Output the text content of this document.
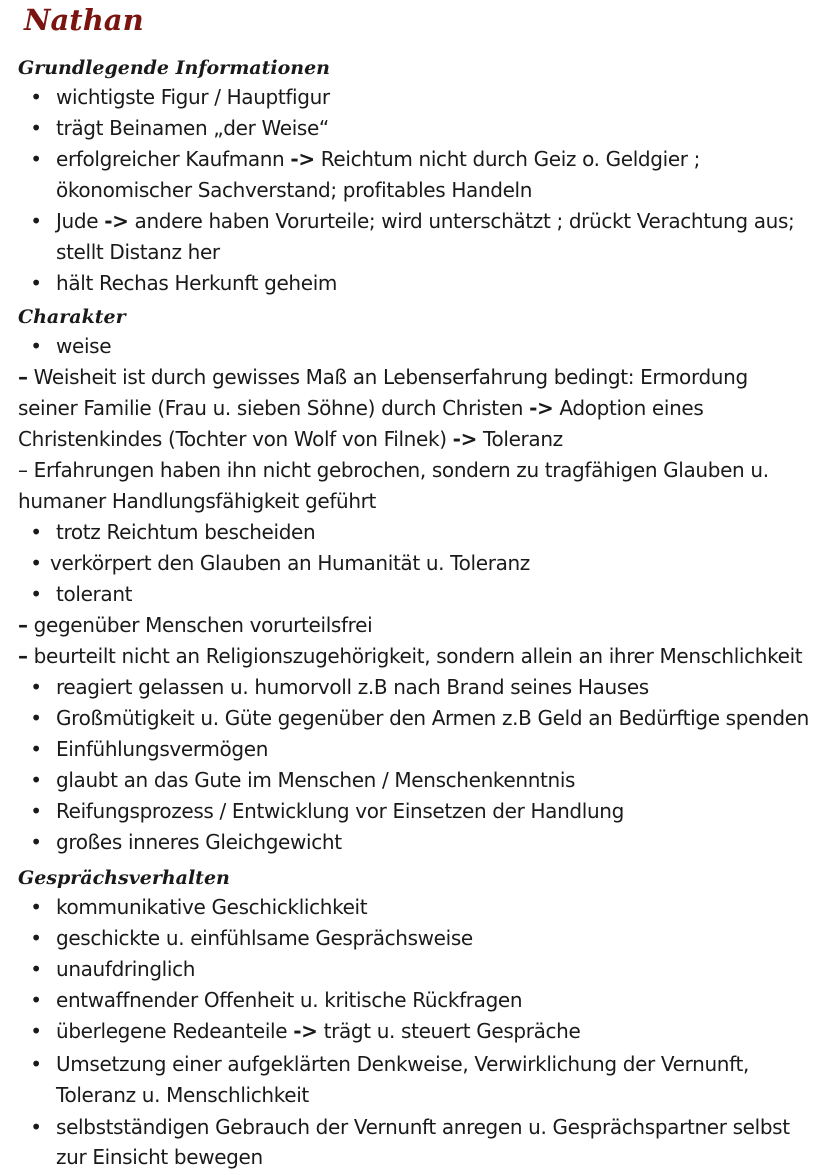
Nathan
Grundlegende Informationen
• wichtigste Figur / Hauptfigur
• trägt Beinamen „der Weise“
• erfolgreicher Kaufmann -> Reichtum nicht durch Geiz o. Geldgier ;
ökonomischer Sachverstand; profitables Handeln
• Jude -> andere haben Vorurteile; wird unterschätzt ; drückt Verachtung aus;
stellt Distanz her
• hält Rechas Herkunft geheim
Charakter
• weise
– Weisheit ist durch gewisses Maß an Lebenserfahrung bedingt: Ermordung
seiner Familie (Frau u. sieben Söhne) durch Christen -> Adoption eines
Christenkindes (Tochter von Wolf von Filnek) -> Toleranz
– Erfahrungen haben ihn nicht gebrochen, sondern zu tragfähigen Glauben u.
humaner Handlungsfähigkeit geführt
• trotz Reichtum bescheiden
• verkörpert den Glauben an Humanität u. Toleranz
• tolerant
– gegenüber Menschen vorurteilsfrei
– beurteilt nicht an Religionszugehörigkeit, sondern allein an ihrer Menschlichkeit
• reagiert gelassen u. humorvoll z.B nach Brand seines Hauses
• Großmütigkeit u. Güte gegenüber den Armen z.B Geld an Bedürftige spenden
• Einfühlungsvermögen
• glaubt an das Gute im Menschen / Menschenkenntnis
• Reifungsprozess / Entwicklung vor Einsetzen der Handlung
• großes inneres Gleichgewicht
Gesprächsverhalten
• kommunikative Geschicklichkeit
• geschickte u. einfühlsame Gesprächsweise
• unaufdringlich
• entwaffnender Offenheit u. kritische Rückfragen
• überlegene Redeanteile -> trägt u. steuert Gespräche
• Umsetzung einer aufgeklärten Denkweise, Verwirklichung der Vernunft,
Toleranz u. Menschlichkeit
• selbstständigen Gebrauch der Vernunft anregen u. Gesprächspartner selbst
zur Einsicht bewegen
